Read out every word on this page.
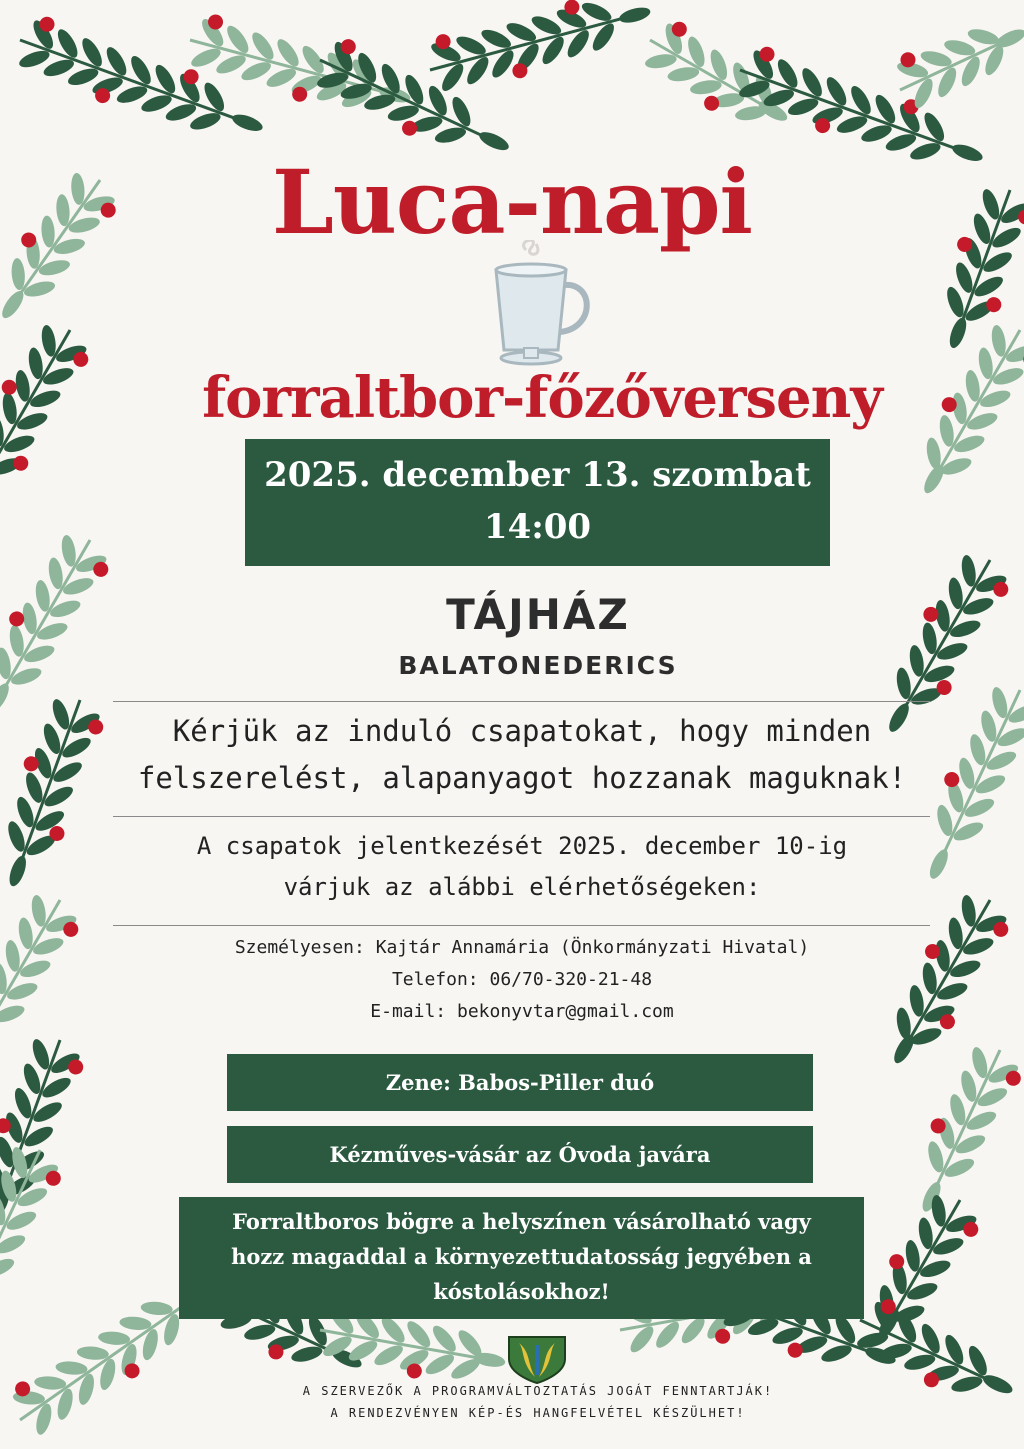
Luca-napi
forraltbor-főzőverseny
2025. december 13. szombat
14:00
TÁJHÁZ
BALATONEDERICS
Kérjük az induló csapatokat, hogy minden
felszerelést, alapanyagot hozzanak maguknak!
A csapatok jelentkezését 2025. december 10-ig
várjuk az alábbi elérhetőségeken:
Személyesen: Kajtár Annamária (Önkormányzati Hivatal)
Telefon: 06/70-320-21-48
E-mail: bekonyvtar@gmail.com
Zene: Babos-Piller duó
Kézműves-vásár az Óvoda javára
Forraltboros bögre a helyszínen vásárolható vagy
hozz magaddal a környezettudatosság jegyében a
kóstolásokhoz!
A SZERVEZŐK A PROGRAMVÁLTOZTATÁS JOGÁT FENNTARTJÁK!
A RENDEZVÉNYEN KÉP-ÉS HANGFELVÉTEL KÉSZÜLHET!
